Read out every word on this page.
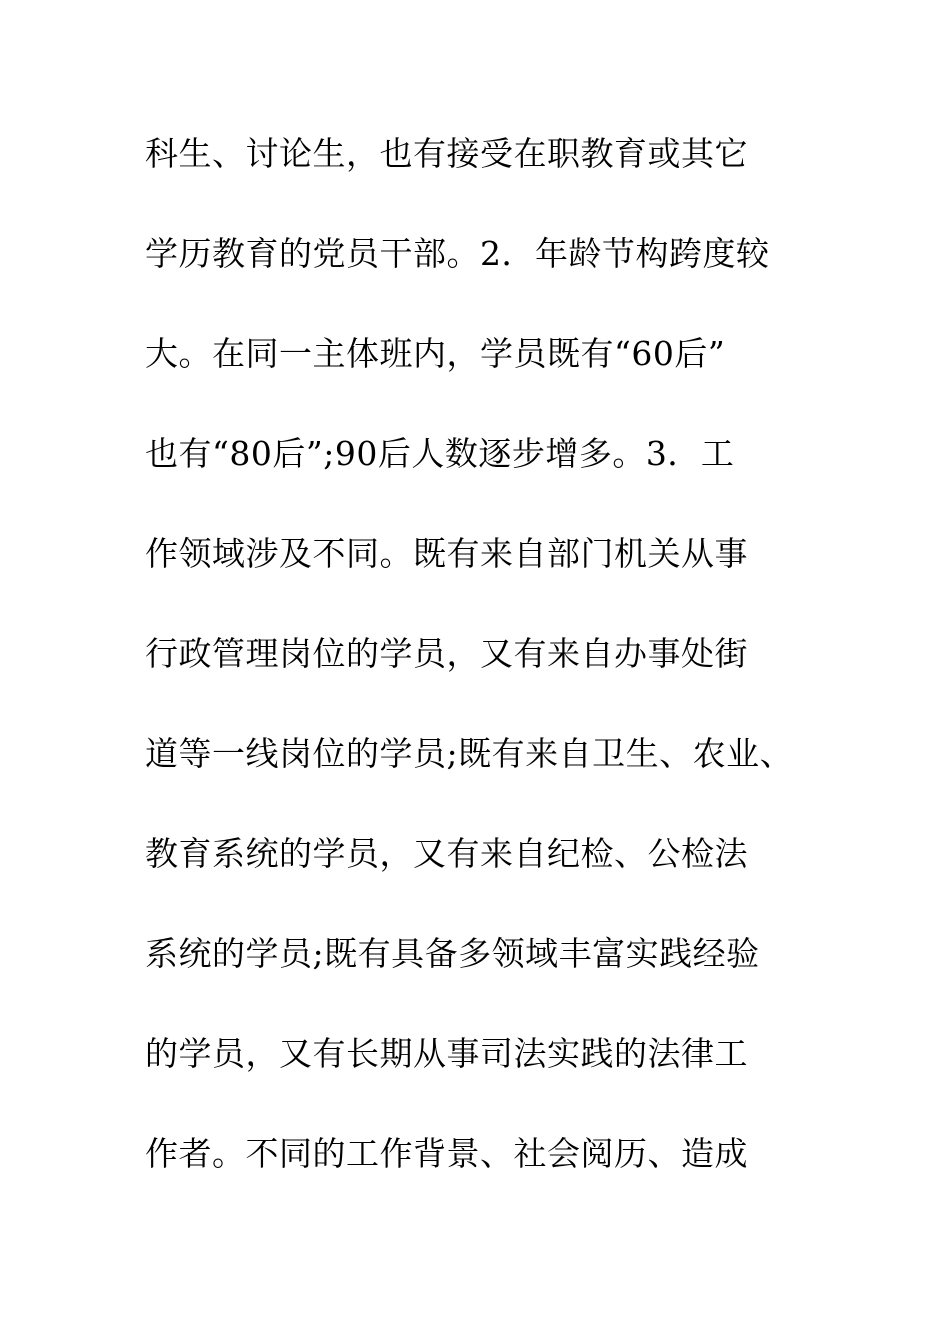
科生、讨论生，也有接受在职教育或其它
学历教育的党员干部。2．年龄节构跨度较
大。在同一主体班内，学员既有“60后”
也有“80后”;90后人数逐步增多。3．工
作领域涉及不同。既有来自部门机关从事
行政管理岗位的学员，又有来自办事处街
道等一线岗位的学员;既有来自卫生、农业、
教育系统的学员，又有来自纪检、公检法
系统的学员;既有具备多领域丰富实践经验
的学员，又有长期从事司法实践的法律工
作者。不同的工作背景、社会阅历、造成
